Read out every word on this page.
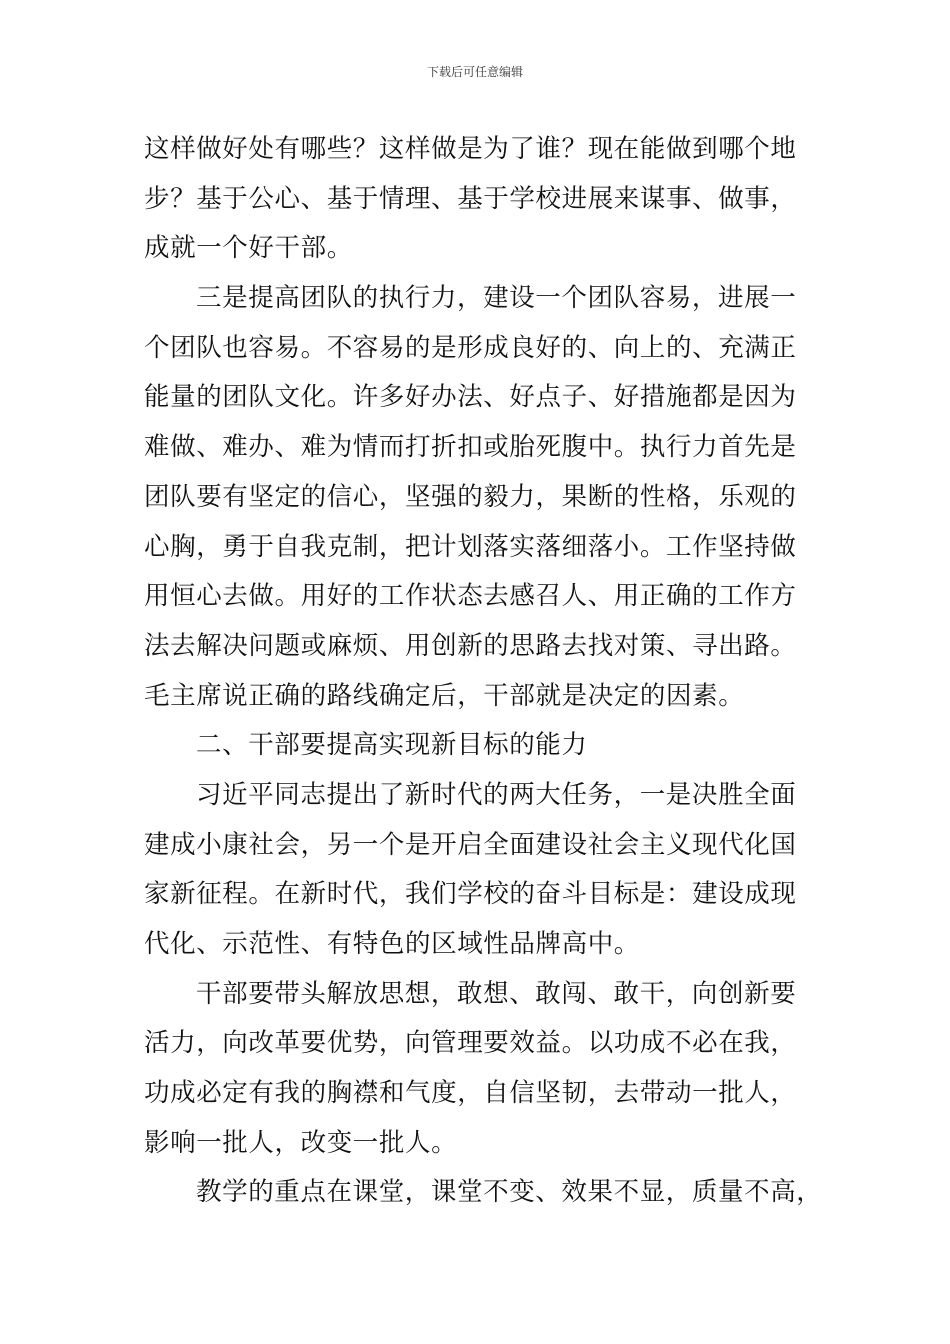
下载后可任意编辑
这样做好处有哪些？这样做是为了谁？现在能做到哪个地
步？基于公心、基于情理、基于学校进展来谋事、做事，
成就一个好干部。
三是提高团队的执行力，建设一个团队容易，进展一
个团队也容易。不容易的是形成良好的、向上的、充满正
能量的团队文化。许多好办法、好点子、好措施都是因为
难做、难办、难为情而打折扣或胎死腹中。执行力首先是
团队要有坚定的信心，坚强的毅力，果断的性格，乐观的
心胸，勇于自我克制，把计划落实落细落小。工作坚持做
用恒心去做。用好的工作状态去感召人、用正确的工作方
法去解决问题或麻烦、用创新的思路去找对策、寻出路。
毛主席说正确的路线确定后，干部就是决定的因素。
二、干部要提高实现新目标的能力
习近平同志提出了新时代的两大任务，一是决胜全面
建成小康社会，另一个是开启全面建设社会主义现代化国
家新征程。在新时代，我们学校的奋斗目标是：建设成现
代化、示范性、有特色的区域性品牌高中。
干部要带头解放思想，敢想、敢闯、敢干，向创新要
活力，向改革要优势，向管理要效益。以功成不必在我，
功成必定有我的胸襟和气度，自信坚韧，去带动一批人，
影响一批人，改变一批人。
教学的重点在课堂，课堂不变、效果不显，质量不高，
